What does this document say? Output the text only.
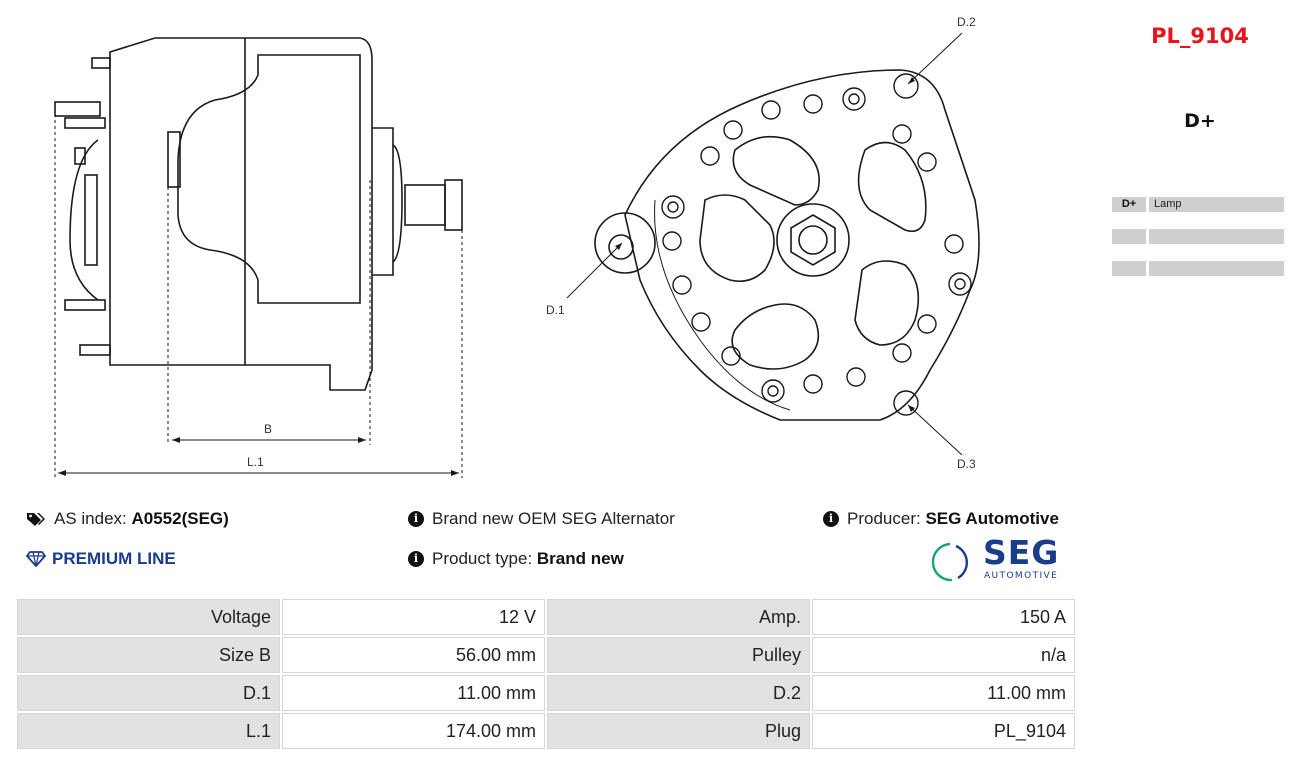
B
L.1
D.2
D.3
D.1
PL_9104
D+
D+	Lamp
AS index:
A0552(SEG)
PREMIUM LINE
i Brand new OEM SEG Alternator
i Product type:
Brand new
i Producer:
SEG Automotive
SEG
AUTOMOTIVE
Voltage	12 V	Amp.	150 A
Size B	56.00 mm	Pulley	n/a
D.1	11.00 mm	D.2	11.00 mm
L.1	174.00 mm	Plug	PL_9104
